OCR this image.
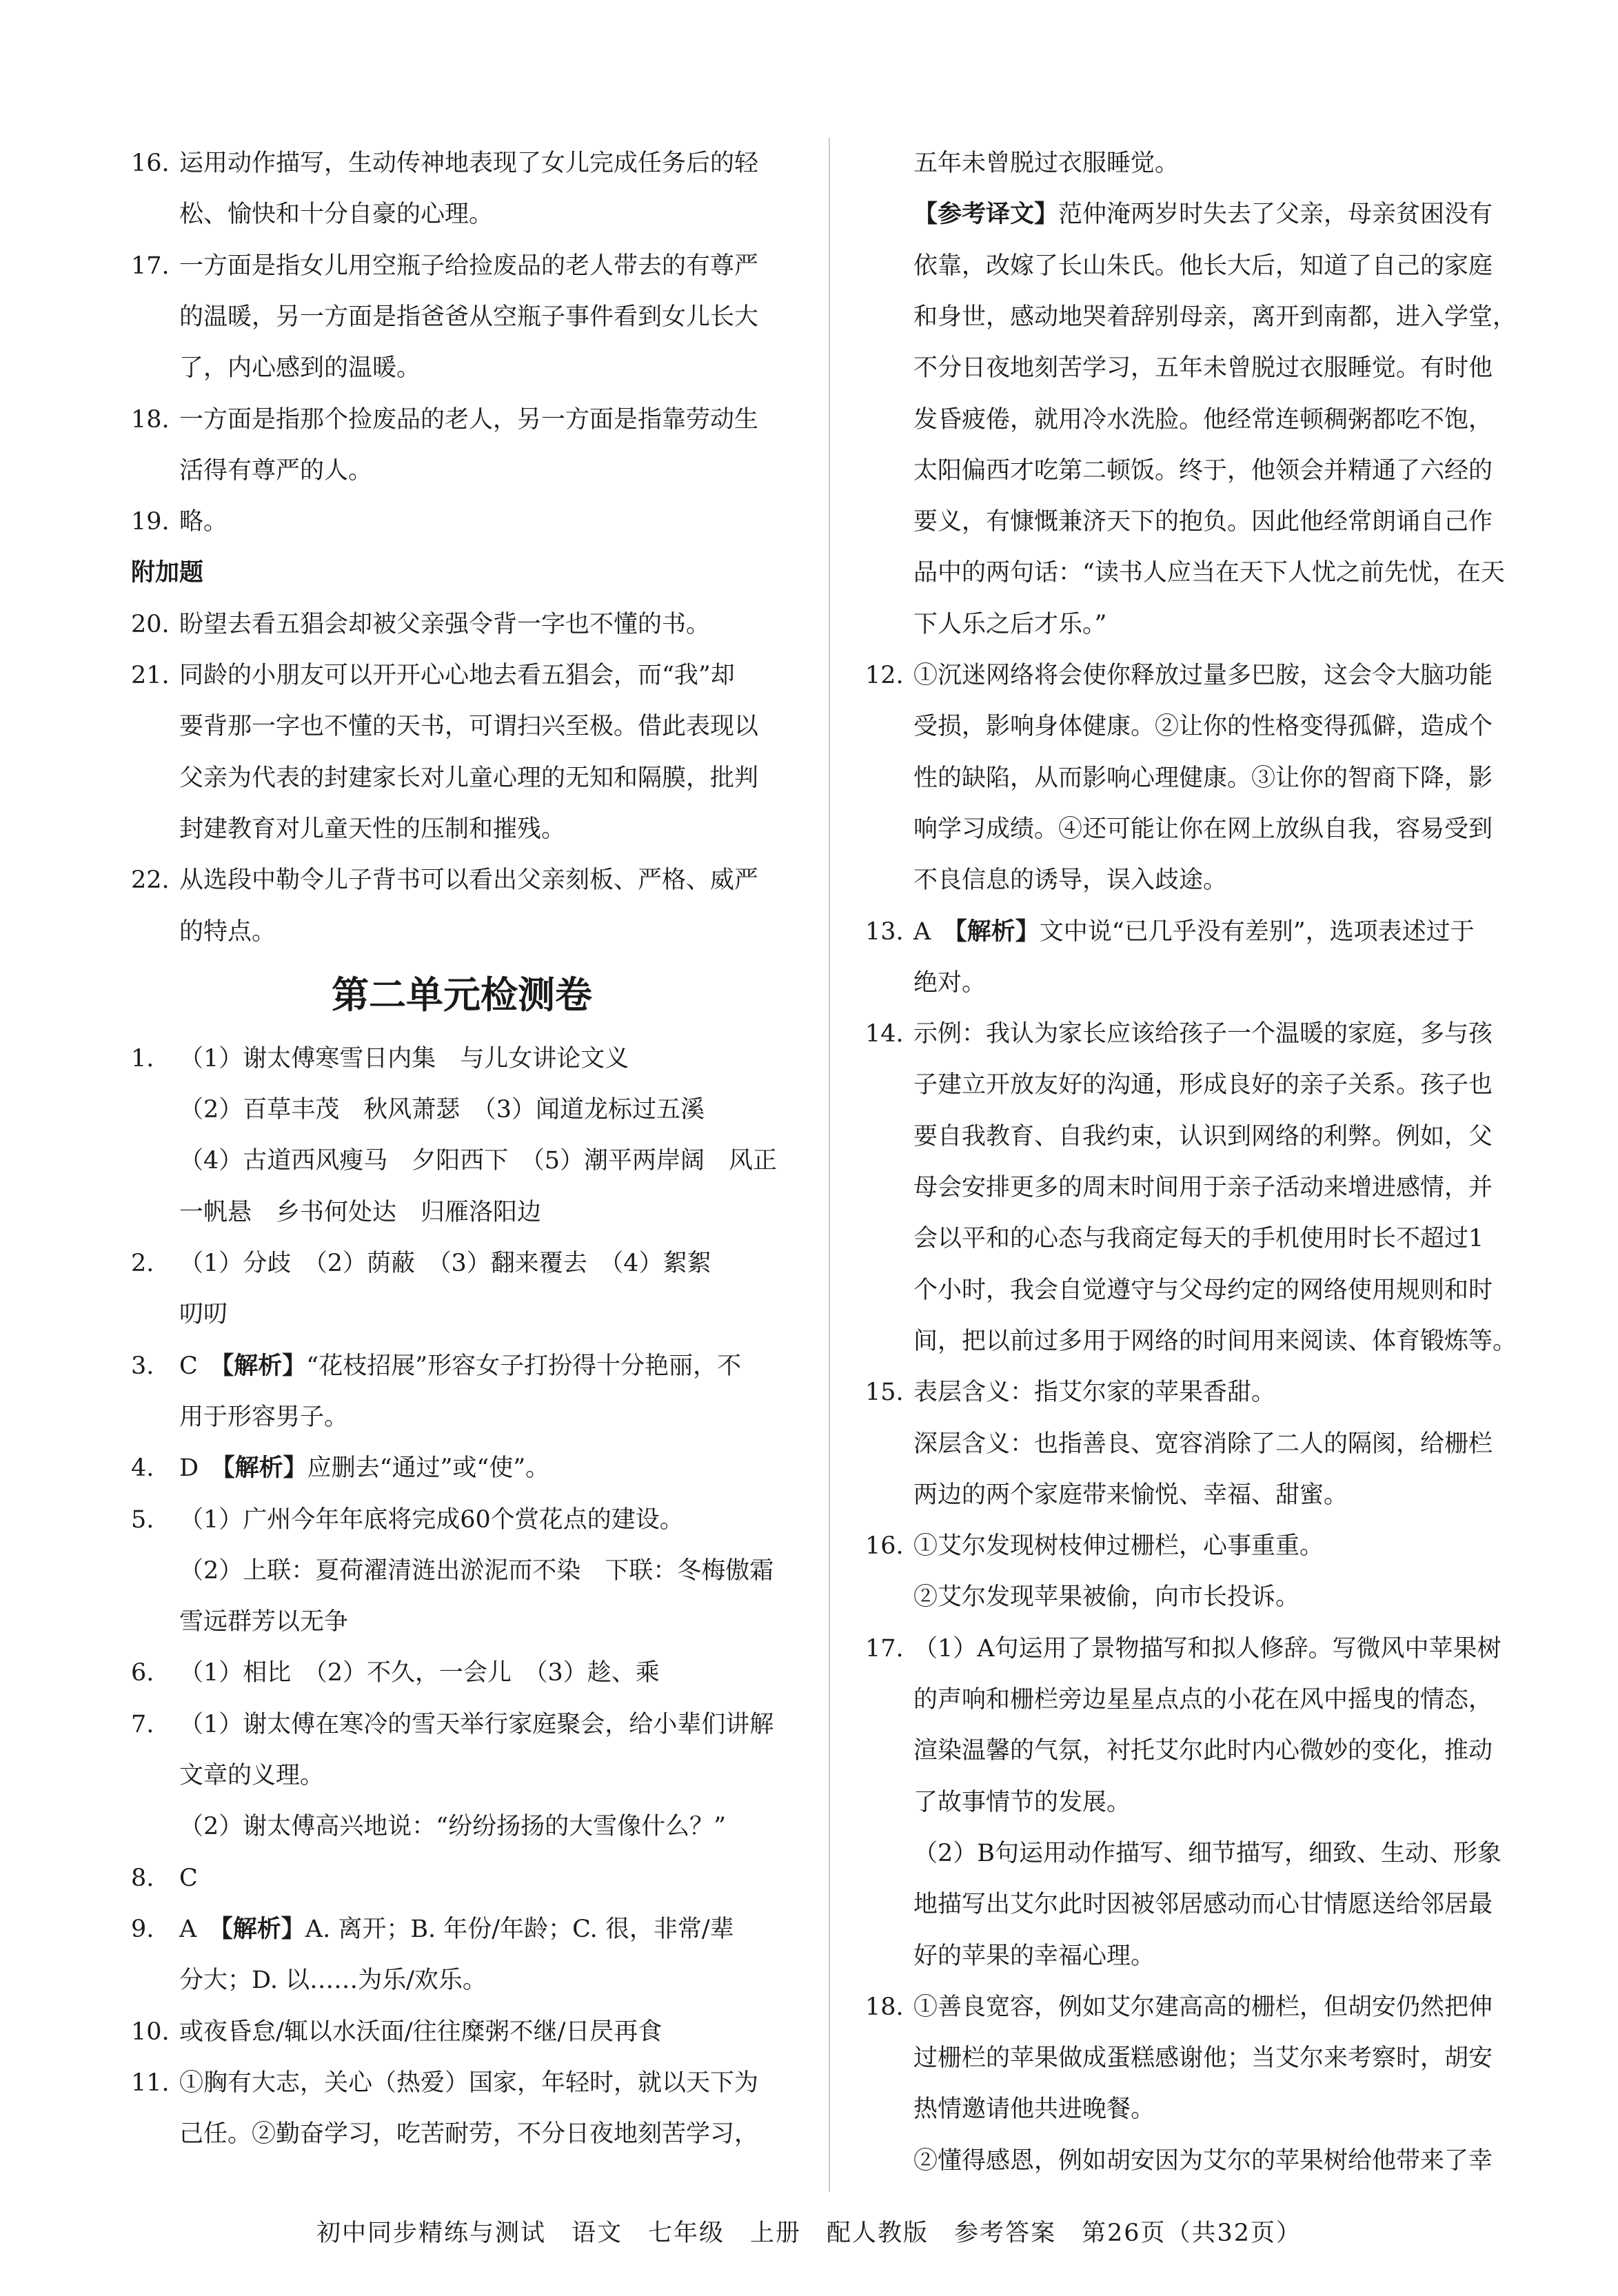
16. 运用动作描写，生动传神地表现了女儿完成任务后的轻
松、愉快和十分自豪的心理。
17. 一方面是指女儿用空瓶子给捡废品的老人带去的有尊严
的温暖，另一方面是指爸爸从空瓶子事件看到女儿长大
了，内心感到的温暖。
18. 一方面是指那个捡废品的老人，另一方面是指靠劳动生
活得有尊严的人。
19. 略。
附加题
20. 盼望去看五猖会却被父亲强令背一字也不懂的书。
21. 同龄的小朋友可以开开心心地去看五猖会，而“我”却
要背那一字也不懂的天书，可谓扫兴至极。借此表现以
父亲为代表的封建家长对儿童心理的无知和隔膜，批判
封建教育对儿童天性的压制和摧残。
22. 从选段中勒令儿子背书可以看出父亲刻板、严格、威严
的特点。
第二单元检测卷
1. （1）谢太傅寒雪日内集　与儿女讲论文义
（2）百草丰茂　秋风萧瑟　（3）闻道龙标过五溪
（4）古道西风瘦马　夕阳西下　（5）潮平两岸阔　风正
一帆悬　乡书何处达　归雁洛阳边
2. （1）分歧　（2）荫蔽　（3）翻来覆去　（4）絮絮
叨叨
3. C　【解析】“花枝招展”形容女子打扮得十分艳丽，不
用于形容男子。
4. D　【解析】应删去“通过”或“使”。
5. （1）广州今年年底将完成60个赏花点的建设。
（2）上联：夏荷濯清涟出淤泥而不染　下联：冬梅傲霜
雪远群芳以无争
6. （1）相比　（2）不久，一会儿　（3）趁、乘
7. （1）谢太傅在寒冷的雪天举行家庭聚会，给小辈们讲解
文章的义理。
（2）谢太傅高兴地说：“纷纷扬扬的大雪像什么？”
8. C
9. A　【解析】A. 离开；B. 年份/年龄；C. 很，非常/辈
分大；D. 以……为乐/欢乐。
10. 或夜昏怠/辄以水沃面/往往糜粥不继/日昃再食
11. ①胸有大志，关心（热爱）国家，年轻时，就以天下为
己任。②勤奋学习，吃苦耐劳，不分日夜地刻苦学习，
五年未曾脱过衣服睡觉。
【参考译文】范仲淹两岁时失去了父亲，母亲贫困没有
依靠，改嫁了长山朱氏。他长大后，知道了自己的家庭
和身世，感动地哭着辞别母亲，离开到南都，进入学堂，
不分日夜地刻苦学习，五年未曾脱过衣服睡觉。有时他
发昏疲倦，就用冷水洗脸。他经常连顿稠粥都吃不饱，
太阳偏西才吃第二顿饭。终于，他领会并精通了六经的
要义，有慷慨兼济天下的抱负。因此他经常朗诵自己作
品中的两句话：“读书人应当在天下人忧之前先忧，在天
下人乐之后才乐。”
12. ①沉迷网络将会使你释放过量多巴胺，这会令大脑功能
受损，影响身体健康。②让你的性格变得孤僻，造成个
性的缺陷，从而影响心理健康。③让你的智商下降，影
响学习成绩。④还可能让你在网上放纵自我，容易受到
不良信息的诱导，误入歧途。
13. A　【解析】文中说“已几乎没有差别”，选项表述过于
绝对。
14. 示例：我认为家长应该给孩子一个温暖的家庭，多与孩
子建立开放友好的沟通，形成良好的亲子关系。孩子也
要自我教育、自我约束，认识到网络的利弊。例如，父
母会安排更多的周末时间用于亲子活动来增进感情，并
会以平和的心态与我商定每天的手机使用时长不超过1
个小时，我会自觉遵守与父母约定的网络使用规则和时
间，把以前过多用于网络的时间用来阅读、体育锻炼等。
15. 表层含义：指艾尔家的苹果香甜。
深层含义：也指善良、宽容消除了二人的隔阂，给栅栏
两边的两个家庭带来愉悦、幸福、甜蜜。
16. ①艾尔发现树枝伸过栅栏，心事重重。
②艾尔发现苹果被偷，向市长投诉。
17. （1）A句运用了景物描写和拟人修辞。写微风中苹果树
的声响和栅栏旁边星星点点的小花在风中摇曳的情态，
渲染温馨的气氛，衬托艾尔此时内心微妙的变化，推动
了故事情节的发展。
（2）B句运用动作描写、细节描写，细致、生动、形象
地描写出艾尔此时因被邻居感动而心甘情愿送给邻居最
好的苹果的幸福心理。
18. ①善良宽容，例如艾尔建高高的栅栏，但胡安仍然把伸
过栅栏的苹果做成蛋糕感谢他；当艾尔来考察时，胡安
热情邀请他共进晚餐。
②懂得感恩，例如胡安因为艾尔的苹果树给他带来了幸
初中同步精练与测试　语文　七年级　上册　配人教版　参考答案　第26页（共32页）
